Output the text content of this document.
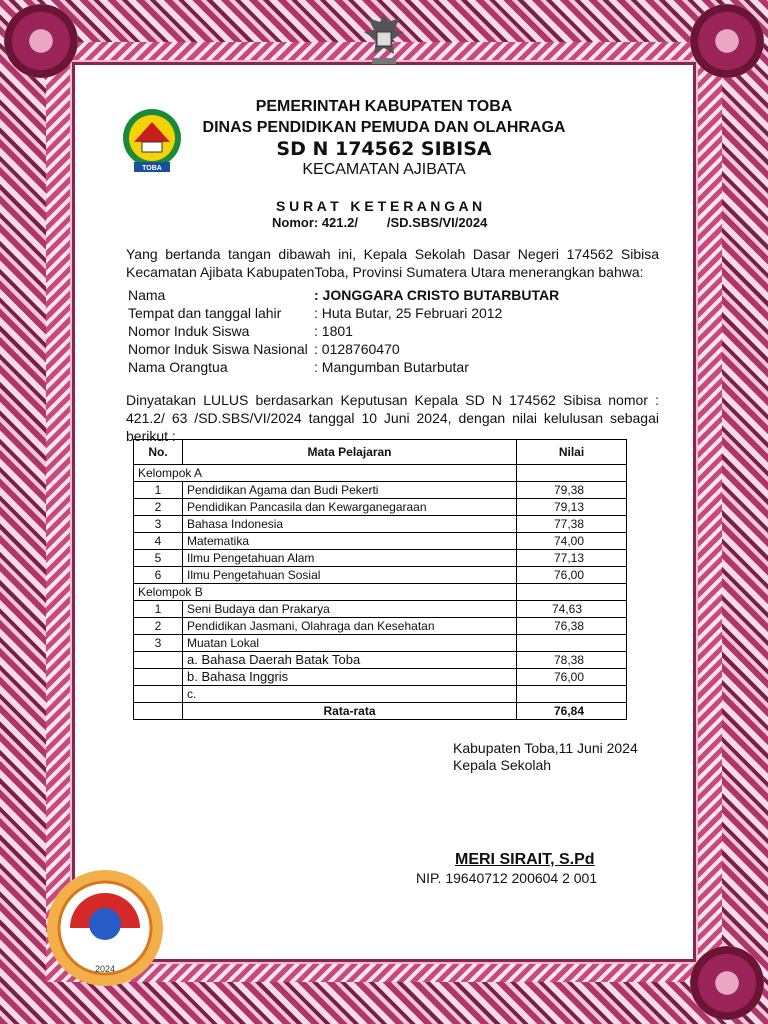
TOBA
PEMERINTAH KABUPATEN TOBA
DINAS PENDIDIKAN PEMUDA DAN OLAHRAGA
SD N 174562 SIBISA
KECAMATAN AJIBATA
S U R A T   K E T E R A N G A N
Nomor: 421.2/        /SD.SBS/VI/2024
Yang bertanda tangan dibawah ini, Kepala Sekolah Dasar Negeri 174562 Sibisa Kecamatan Ajibata KabupatenToba, Provinsi Sumatera Utara menerangkan bahwa:
Nama	: JONGGARA CRISTO BUTARBUTAR
Tempat dan tanggal lahir	: Huta Butar, 25 Februari 2012
Nomor Induk Siswa	: 1801
Nomor Induk Siswa Nasional	: 0128760470
Nama Orangtua	: Mangumban Butarbutar
Dinyatakan LULUS berdasarkan Keputusan Kepala SD N 174562 Sibisa nomor : 421.2/ 63 /SD.SBS/VI/2024 tanggal 10 Juni 2024, dengan nilai kelulusan sebagai berikut :
No.	Mata Pelajaran	Nilai
Kelompok A		
1	Pendidikan Agama dan Budi Pekerti	79,38
2	Pendidikan Pancasila dan Kewarganegaraan	79,13
3	Bahasa Indonesia	77,38
4	Matematika	74,00
5	Ilmu Pengetahuan Alam	77,13
6	Ilmu Pengetahuan Sosial	76,00
Kelompok B		
1	Seni Budaya dan Prakarya	74,63
2	Pendidikan Jasmani, Olahraga dan Kesehatan	76,38
3	Muatan Lokal	
	a. Bahasa Daerah Batak Toba	78,38
	b. Bahasa Inggris	76,00
	c.	
	Rata-rata	76,84
Kabupaten Toba,11 Juni 2024
Kepala Sekolah
MERI SIRAIT, S.Pd
NIP. 19640712 200604 2 001
2024
